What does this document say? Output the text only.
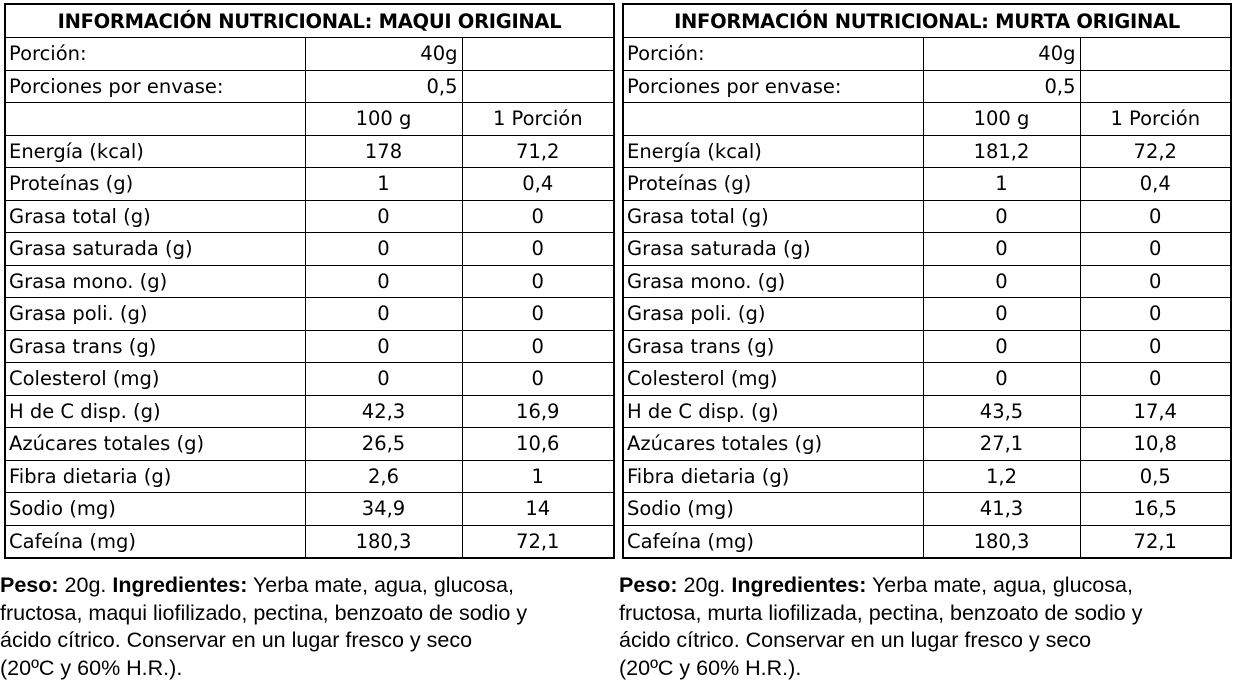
INFORMACIÓN NUTRICIONAL: MAQUI ORIGINAL		
Porción:	40g	
Porciones por envase:	0,5	
	100 g	1 Porción
Energía (kcal)	178	71,2
Proteínas (g)	1	0,4
Grasa total (g)	0	0
Grasa saturada (g)	0	0
Grasa mono. (g)	0	0
Grasa poli. (g)	0	0
Grasa trans (g)	0	0
Colesterol (mg)	0	0
H de C disp. (g)	42,3	16,9
Azúcares totales (g)	26,5	10,6
Fibra dietaria (g)	2,6	1
Sodio (mg)	34,9	14
Cafeína (mg)	180,3	72,1
INFORMACIÓN NUTRICIONAL: MURTA ORIGINAL		
Porción:	40g	
Porciones por envase:	0,5	
	100 g	1 Porción
Energía (kcal)	181,2	72,2
Proteínas (g)	1	0,4
Grasa total (g)	0	0
Grasa saturada (g)	0	0
Grasa mono. (g)	0	0
Grasa poli. (g)	0	0
Grasa trans (g)	0	0
Colesterol (mg)	0	0
H de C disp. (g)	43,5	17,4
Azúcares totales (g)	27,1	10,8
Fibra dietaria (g)	1,2	0,5
Sodio (mg)	41,3	16,5
Cafeína (mg)	180,3	72,1
Peso: 20g. Ingredientes: Yerba mate, agua, glucosa,
fructosa, maqui liofilizado, pectina, benzoato de sodio y
ácido cítrico. Conservar en un lugar fresco y seco
(20ºC y 60% H.R.).
Peso: 20g. Ingredientes: Yerba mate, agua, glucosa,
fructosa, murta liofilizada, pectina, benzoato de sodio y
ácido cítrico. Conservar en un lugar fresco y seco
(20ºC y 60% H.R.).
